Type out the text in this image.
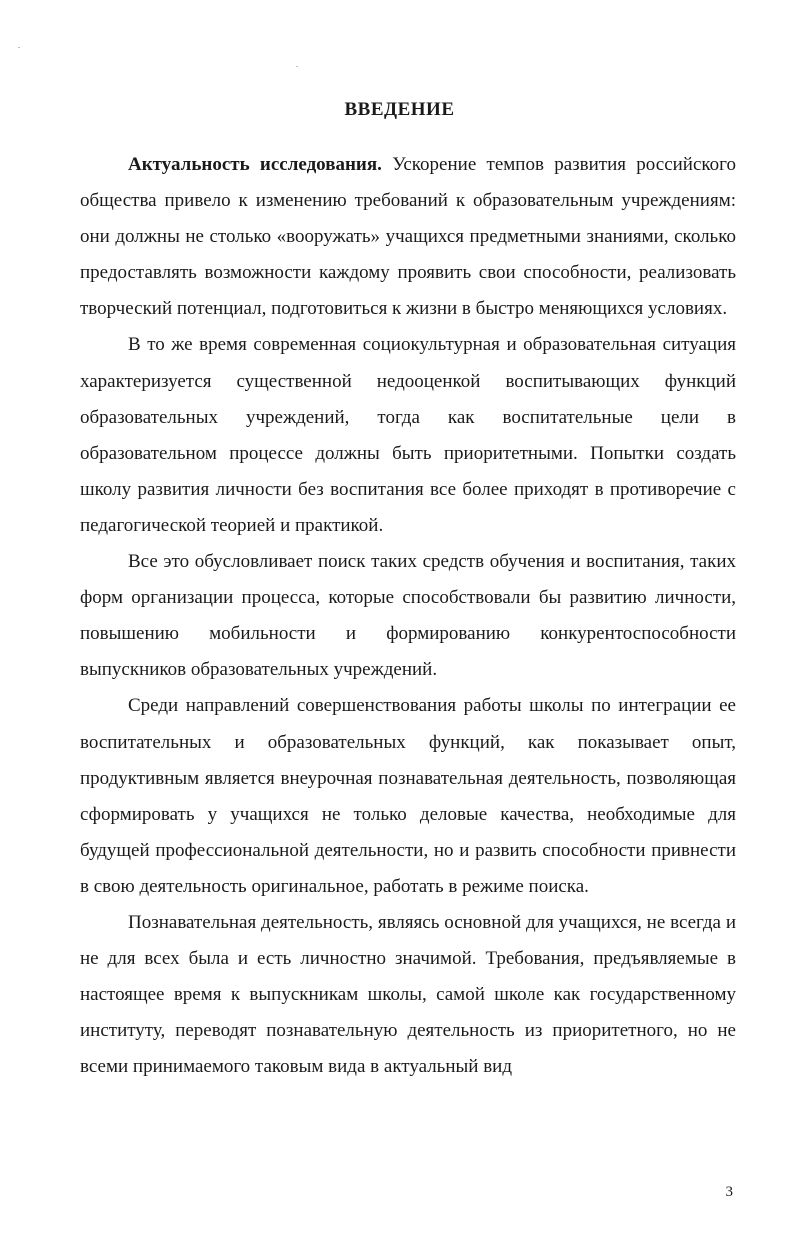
ВВЕДЕНИЕ

Актуальность исследования. Ускорение темпов развития российского общества привело к изменению требований к образовательным учреждениям: они должны не столько «вооружать» учащихся предметными знаниями, сколько предоставлять возможности каждому проявить свои способности, реализовать творческий потенциал, подготовиться к жизни в быстро меняющихся условиях.

В то же время современная социокультурная и образовательная ситуация характеризуется существенной недооценкой воспитывающих функций образовательных учреждений, тогда как воспитательные цели в образовательном процессе должны быть приоритетными. Попытки создать школу развития личности без воспитания все более приходят в противоречие с педагогической теорией и практикой.

Все это обусловливает поиск таких средств обучения и воспитания, таких форм организации процесса, которые способствовали бы развитию личности, повышению мобильности и формированию конкурентоспособности выпускников образовательных учреждений.

Среди направлений совершенствования работы школы по интеграции ее воспитательных и образовательных функций, как показывает опыт, продуктивным является внеурочная познавательная деятельность, позволяющая сформировать у учащихся не только деловые качества, необходимые для будущей профессиональной деятельности, но и развить способности привнести в свою деятельность оригинальное, работать в режиме поиска.

Познавательная деятельность, являясь основной для учащихся, не всегда и не для всех была и есть личностно значимой. Требования, предъявляемые в настоящее время к выпускникам школы, самой школе как государственному институту, переводят познавательную деятельность из приоритетного, но не всеми принимаемого таковым вида в актуальный вид

3
